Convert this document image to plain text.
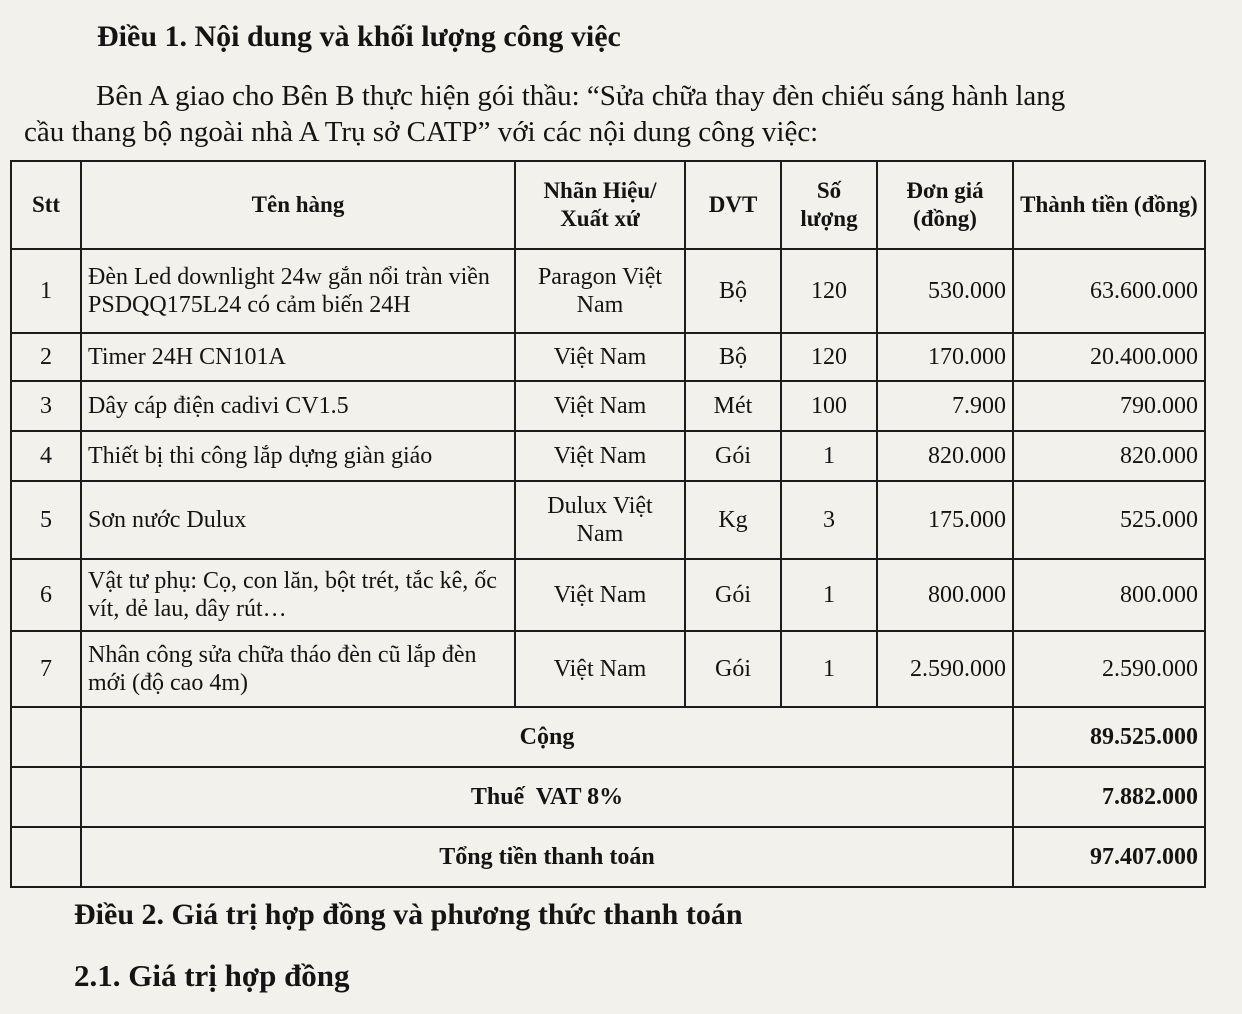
Điều 1. Nội dung và khối lượng công việc
Bên A giao cho Bên B thực hiện gói thầu: “Sửa chữa thay đèn chiếu sáng hành lang
cầu thang bộ ngoài nhà A Trụ sở CATP” với các nội dung công việc:
Stt	Tên hàng	Nhãn Hiệu/ Xuất xứ	DVT	Số lượng	Đơn giá (đồng)	Thành tiền (đồng)
1	Đèn Led downlight 24w gắn nổi tràn viền PSDQQ175L24 có cảm biến 24H	Paragon Việt Nam	Bộ	120	530.000	63.600.000
2	Timer 24H CN101A	Việt Nam	Bộ	120	170.000	20.400.000
3	Dây cáp điện cadivi CV1.5	Việt Nam	Mét	100	7.900	790.000
4	Thiết bị thi công lắp dựng giàn giáo	Việt Nam	Gói	1	820.000	820.000
5	Sơn nước Dulux	Dulux Việt Nam	Kg	3	175.000	525.000
6	Vật tư phụ: Cọ, con lăn, bột trét, tắc kê, ốc vít, dẻ lau, dây rút…	Việt Nam	Gói	1	800.000	800.000
7	Nhân công sửa chữa tháo đèn cũ lắp đèn mới (độ cao 4m)	Việt Nam	Gói	1	2.590.000	2.590.000
	Cộng					89.525.000
	Thuế  VAT 8%					7.882.000
	Tổng tiền thanh toán					97.407.000
Điều 2. Giá trị hợp đồng và phương thức thanh toán
2.1. Giá trị hợp đồng
